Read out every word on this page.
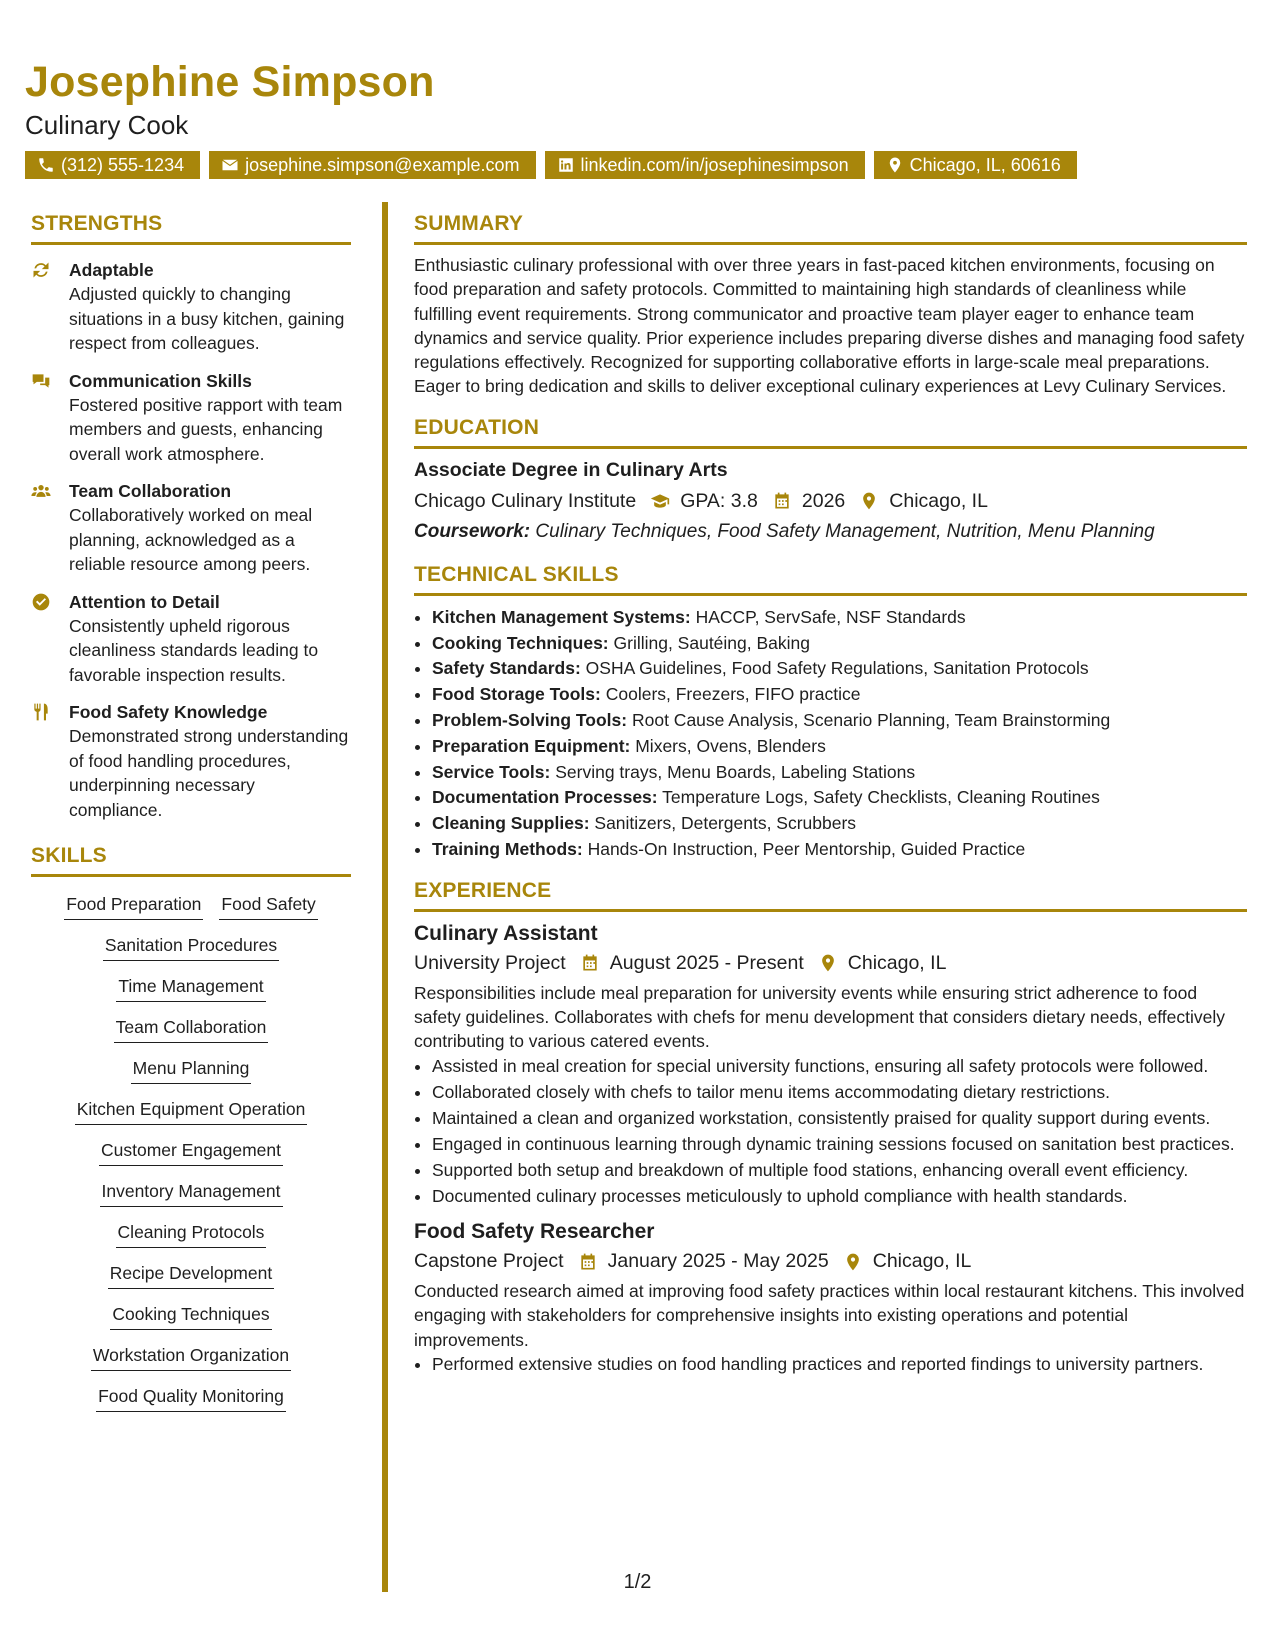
Josephine Simpson
Culinary Cook
(312) 555-1234	josephine.simpson@example.com	linkedin.com/in/josephinesimpson	Chicago, IL, 60616
STRENGTHS
Adaptable
Adjusted quickly to changing situations in a busy kitchen, gaining respect from colleagues.
Communication Skills
Fostered positive rapport with team members and guests, enhancing overall work atmosphere.
Team Collaboration
Collaboratively worked on meal planning, acknowledged as a reliable resource among peers.
Attention to Detail
Consistently upheld rigorous cleanliness standards leading to favorable inspection results.
Food Safety Knowledge
Demonstrated strong understanding of food handling procedures, underpinning necessary compliance.
SKILLS
Food Preparation Food Safety
Sanitation Procedures
Time Management
Team Collaboration
Menu Planning
Kitchen Equipment Operation
Customer Engagement
Inventory Management
Cleaning Protocols
Recipe Development
Cooking Techniques
Workstation Organization
Food Quality Monitoring
SUMMARY
Enthusiastic culinary professional with over three years in fast-paced kitchen environments, focusing on food preparation and safety protocols. Committed to maintaining high standards of cleanliness while fulfilling event requirements. Strong communicator and proactive team player eager to enhance team dynamics and service quality. Prior experience includes preparing diverse dishes and managing food safety regulations effectively. Recognized for supporting collaborative efforts in large-scale meal preparations. Eager to bring dedication and skills to deliver exceptional culinary experiences at Levy Culinary Services.
EDUCATION
Associate Degree in Culinary Arts
Chicago Culinary Institute GPA: 3.8 2026 Chicago, IL
Coursework: Culinary Techniques, Food Safety Management, Nutrition, Menu Planning
TECHNICAL SKILLS
• Kitchen Management Systems: HACCP, ServSafe, NSF Standards
• Cooking Techniques: Grilling, Sautéing, Baking
• Safety Standards: OSHA Guidelines, Food Safety Regulations, Sanitation Protocols
• Food Storage Tools: Coolers, Freezers, FIFO practice
• Problem-Solving Tools: Root Cause Analysis, Scenario Planning, Team Brainstorming
• Preparation Equipment: Mixers, Ovens, Blenders
• Service Tools: Serving trays, Menu Boards, Labeling Stations
• Documentation Processes: Temperature Logs, Safety Checklists, Cleaning Routines
• Cleaning Supplies: Sanitizers, Detergents, Scrubbers
• Training Methods: Hands-On Instruction, Peer Mentorship, Guided Practice
EXPERIENCE
Culinary Assistant
University Project August 2025 - Present Chicago, IL
Responsibilities include meal preparation for university events while ensuring strict adherence to food safety guidelines. Collaborates with chefs for menu development that considers dietary needs, effectively contributing to various catered events.
• Assisted in meal creation for special university functions, ensuring all safety protocols were followed.
• Collaborated closely with chefs to tailor menu items accommodating dietary restrictions.
• Maintained a clean and organized workstation, consistently praised for quality support during events.
• Engaged in continuous learning through dynamic training sessions focused on sanitation best practices.
• Supported both setup and breakdown of multiple food stations, enhancing overall event efficiency.
• Documented culinary processes meticulously to uphold compliance with health standards.
Food Safety Researcher
Capstone Project January 2025 - May 2025 Chicago, IL
Conducted research aimed at improving food safety practices within local restaurant kitchens. This involved engaging with stakeholders for comprehensive insights into existing operations and potential improvements.
• Performed extensive studies on food handling practices and reported findings to university partners.
1/2
